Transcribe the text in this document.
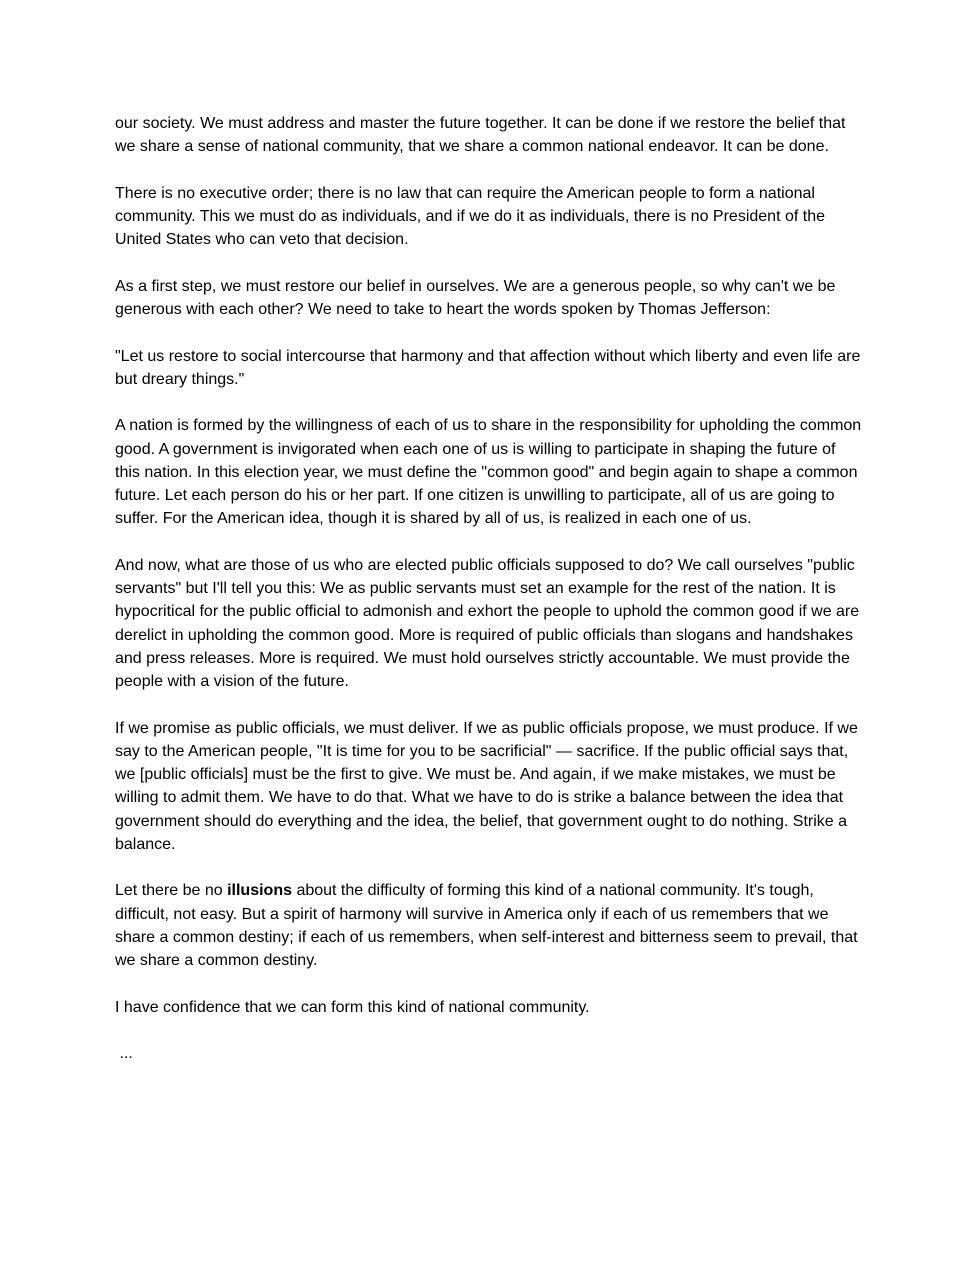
our society. We must address and master the future together. It can be done if we restore the belief that we share a sense of national community, that we share a common national endeavor. It can be done.

There is no executive order; there is no law that can require the American people to form a national community. This we must do as individuals, and if we do it as individuals, there is no President of the United States who can veto that decision.

As a first step, we must restore our belief in ourselves. We are a generous people, so why can't we be generous with each other? We need to take to heart the words spoken by Thomas Jefferson:

"Let us restore to social intercourse that harmony and that affection without which liberty and even life are but dreary things."

A nation is formed by the willingness of each of us to share in the responsibility for upholding the common good. A government is invigorated when each one of us is willing to participate in shaping the future of this nation. In this election year, we must define the "common good" and begin again to shape a common future. Let each person do his or her part. If one citizen is unwilling to participate, all of us are going to suffer. For the American idea, though it is shared by all of us, is realized in each one of us.

And now, what are those of us who are elected public officials supposed to do? We call ourselves "public servants" but I'll tell you this: We as public servants must set an example for the rest of the nation. It is hypocritical for the public official to admonish and exhort the people to uphold the common good if we are derelict in upholding the common good. More is required of public officials than slogans and handshakes and press releases. More is required. We must hold ourselves strictly accountable. We must provide the people with a vision of the future.

If we promise as public officials, we must deliver. If we as public officials propose, we must produce. If we say to the American people, "It is time for you to be sacrificial" — sacrifice. If the public official says that, we [public officials] must be the first to give. We must be. And again, if we make mistakes, we must be willing to admit them. We have to do that. What we have to do is strike a balance between the idea that government should do everything and the idea, the belief, that government ought to do nothing. Strike a balance.

Let there be no illusions about the difficulty of forming this kind of a national community. It's tough, difficult, not easy. But a spirit of harmony will survive in America only if each of us remembers that we share a common destiny; if each of us remembers, when self-interest and bitterness seem to prevail, that we share a common destiny.

I have confidence that we can form this kind of national community.

...
